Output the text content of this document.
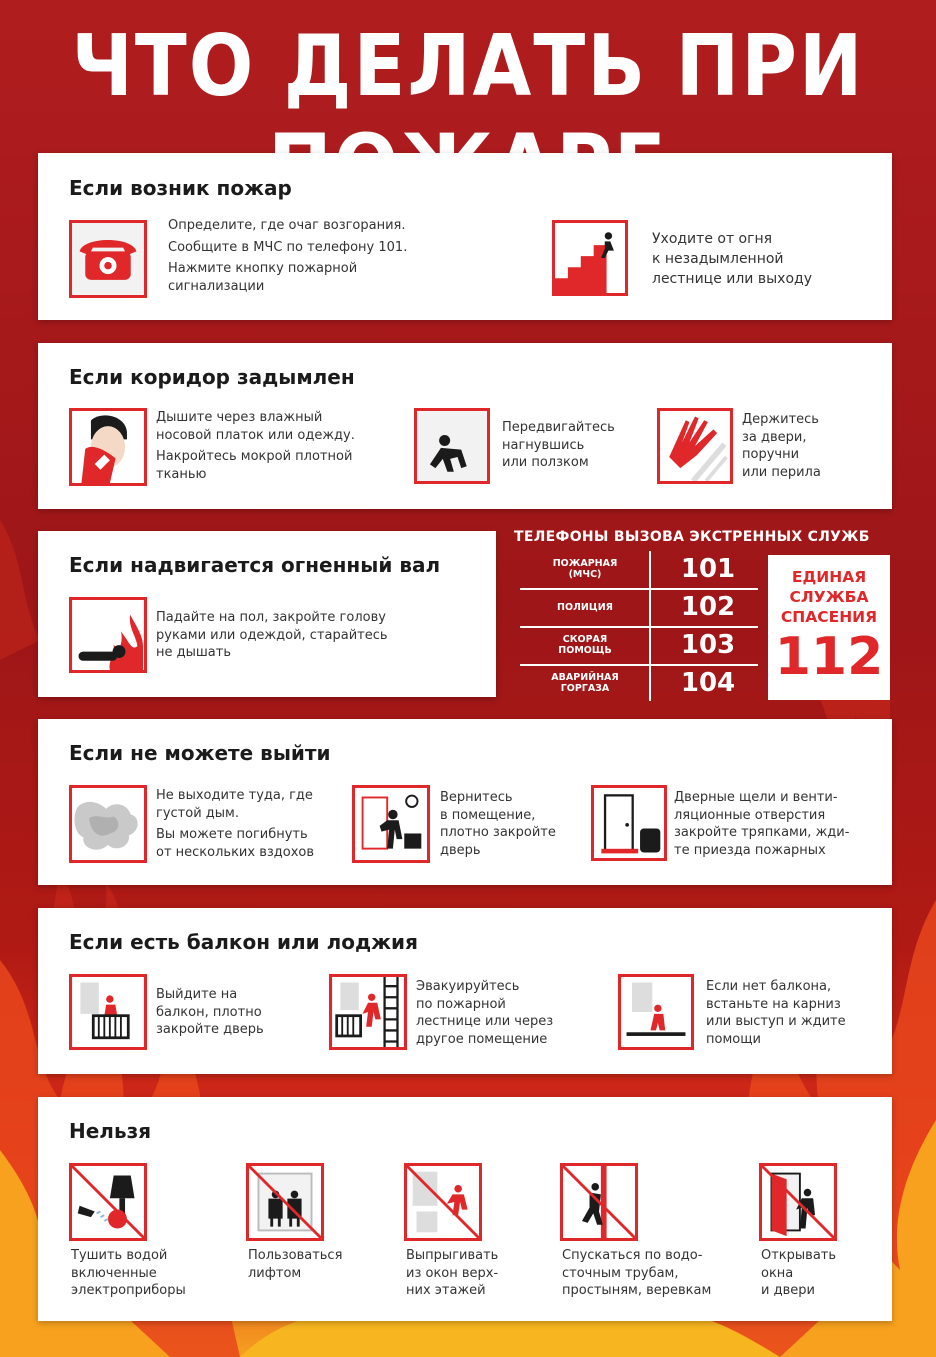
ЧТО ДЕЛАТЬ ПРИ
Если возник пожар

Определите, где очаг возгорания.

Сообщите в МЧС по телефону 101.

Нажмите кнопку пожарной
сигнализации

Уходите от огня
к незадымленной
лестнице или выходу

Если коридор задымлен

Дышите через влажный
носовой платок или одежду.

Накройтесь мокрой плотной
тканью

Передвигайтесь
нагнувшись
или ползком

Держитесь
за двери,
поручни
или перила

Если надвигается огненный вал

Падайте на пол, закройте голову
руками или одеждой, старайтесь
не дышать

ТЕЛЕФОНЫ ВЫЗОВА ЭКСТРЕННЫХ СЛУЖБ
ПОЖАРНАЯ
(МЧС)	101
ПОЛИЦИЯ	102
СКОРАЯ
ПОМОЩЬ	103
АВАРИЙНАЯ
ГОРГАЗА	104
ЕДИНАЯ
СЛУЖБА
СПАСЕНИЯ
112
Если не можете выйти

Не выходите туда, где
густой дым.

Вы можете погибнуть
от нескольких вздохов

Вернитесь
в помещение,
плотно закройте
дверь

Дверные щели и венти-
ляционные отверстия
закройте тряпками, жди-
те приезда пожарных

Если есть балкон или лоджия

Выйдите на
балкон, плотно
закройте дверь

Эвакуируйтесь
по пожарной
лестнице или через
другое помещение

Если нет балкона,
встаньте на карниз
или выступ и ждите
помощи

Нельзя

Тушить водой
включенные
электроприборы

Пользоваться
лифтом

Выпрыгивать
из окон верх-
них этажей

Спускаться по водо-
сточным трубам,
простыням, веревкам

Открывать
окна
и двери
